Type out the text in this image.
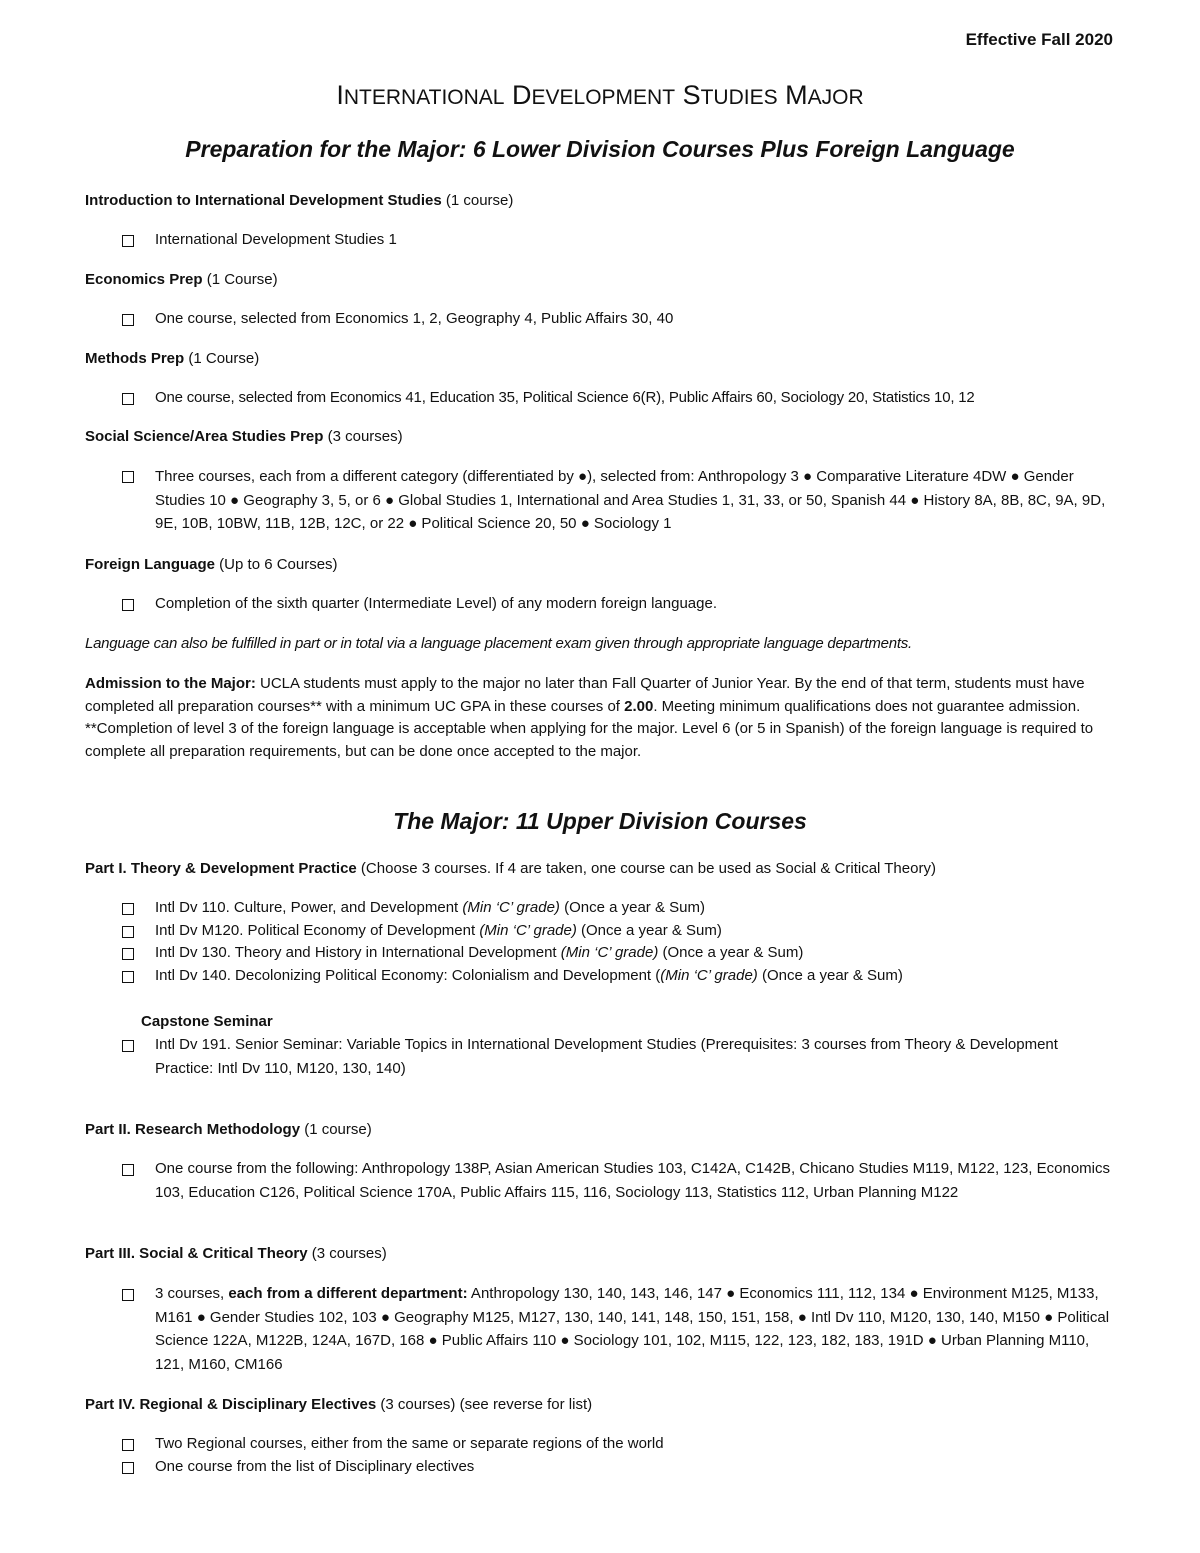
Effective Fall 2020
INTERNATIONAL DEVELOPMENT STUDIES MAJOR
Preparation for the Major: 6 Lower Division Courses Plus Foreign Language
Introduction to International Development Studies (1 course)
International Development Studies 1
Economics Prep (1 Course)
One course, selected from Economics 1, 2, Geography 4, Public Affairs 30, 40
Methods Prep (1 Course)
One course, selected from Economics 41, Education 35, Political Science 6(R), Public Affairs 60, Sociology 20, Statistics 10, 12
Social Science/Area Studies Prep (3 courses)
Three courses, each from a different category (differentiated by ●), selected from: Anthropology 3 ● Comparative Literature 4DW ● Gender Studies 10 ● Geography 3, 5, or 6 ● Global Studies 1, International and Area Studies 1, 31, 33, or 50, Spanish 44 ● History 8A, 8B, 8C, 9A, 9D, 9E, 10B, 10BW, 11B, 12B, 12C, or 22 ● Political Science 20, 50 ● Sociology 1
Foreign Language (Up to 6 Courses)
Completion of the sixth quarter (Intermediate Level) of any modern foreign language.
Language can also be fulfilled in part or in total via a language placement exam given through appropriate language departments.
Admission to the Major: UCLA students must apply to the major no later than Fall Quarter of Junior Year. By the end of that term, students must have completed all preparation courses** with a minimum UC GPA in these courses of 2.00. Meeting minimum qualifications does not guarantee admission. **Completion of level 3 of the foreign language is acceptable when applying for the major. Level 6 (or 5 in Spanish) of the foreign language is required to complete all preparation requirements, but can be done once accepted to the major.
The Major: 11 Upper Division Courses
Part I. Theory & Development Practice (Choose 3 courses. If 4 are taken, one course can be used as Social & Critical Theory)
Intl Dv 110. Culture, Power, and Development (Min ‘C’ grade) (Once a year & Sum)
Intl Dv M120. Political Economy of Development (Min ‘C’ grade) (Once a year & Sum)
Intl Dv 130. Theory and History in International Development (Min ‘C’ grade) (Once a year & Sum)
Intl Dv 140. Decolonizing Political Economy: Colonialism and Development ((Min ‘C’ grade) (Once a year & Sum)
Capstone Seminar
Intl Dv 191. Senior Seminar: Variable Topics in International Development Studies (Prerequisites: 3 courses from Theory & Development Practice: Intl Dv 110, M120, 130, 140)
Part II. Research Methodology (1 course)
One course from the following: Anthropology 138P, Asian American Studies 103, C142A, C142B, Chicano Studies M119, M122, 123, Economics 103, Education C126, Political Science 170A, Public Affairs 115, 116, Sociology 113, Statistics 112, Urban Planning M122
Part III. Social & Critical Theory (3 courses)
3 courses, each from a different department: Anthropology 130, 140, 143, 146, 147 ● Economics 111, 112, 134 ● Environment M125, M133, M161 ● Gender Studies 102, 103 ● Geography M125, M127, 130, 140, 141, 148, 150, 151, 158, ● Intl Dv 110, M120, 130, 140, M150 ● Political Science 122A, M122B, 124A, 167D, 168 ● Public Affairs 110 ● Sociology 101, 102, M115, 122, 123, 182, 183, 191D ● Urban Planning M110, 121, M160, CM166
Part IV. Regional & Disciplinary Electives (3 courses) (see reverse for list)
Two Regional courses, either from the same or separate regions of the world
One course from the list of Disciplinary electives
